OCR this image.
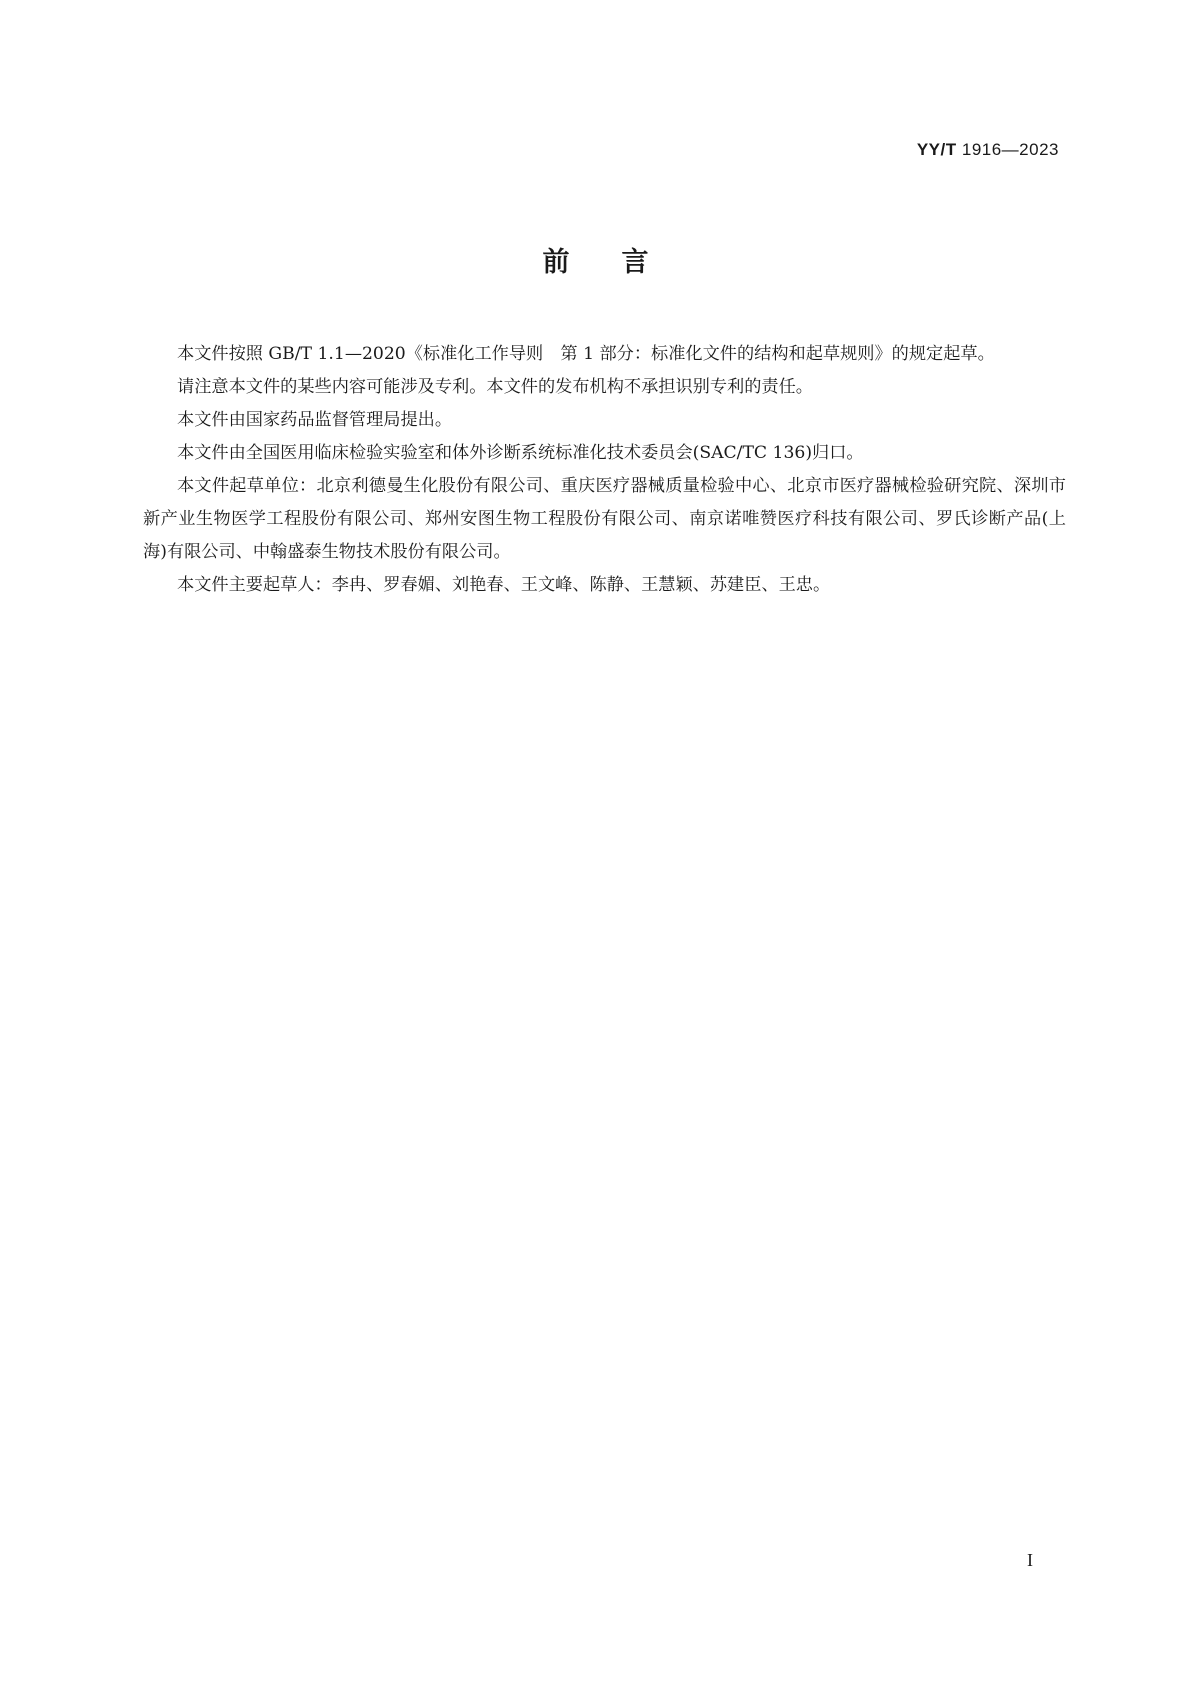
YY/T 1916—2023
前言

本文件按照 GB/T 1.1—2020《标准化工作导则　第 1 部分：标准化文件的结构和起草规则》的规定起草。

请注意本文件的某些内容可能涉及专利。本文件的发布机构不承担识别专利的责任。

本文件由国家药品监督管理局提出。

本文件由全国医用临床检验实验室和体外诊断系统标准化技术委员会(SAC/TC 136)归口。

本文件起草单位：北京利德曼生化股份有限公司、重庆医疗器械质量检验中心、北京市医疗器械检验研究院、深圳市新产业生物医学工程股份有限公司、郑州安图生物工程股份有限公司、南京诺唯赞医疗科技有限公司、罗氏诊断产品(上海)有限公司、中翰盛泰生物技术股份有限公司。

本文件主要起草人：李冉、罗春媚、刘艳春、王文峰、陈静、王慧颖、苏建臣、王忠。

I
